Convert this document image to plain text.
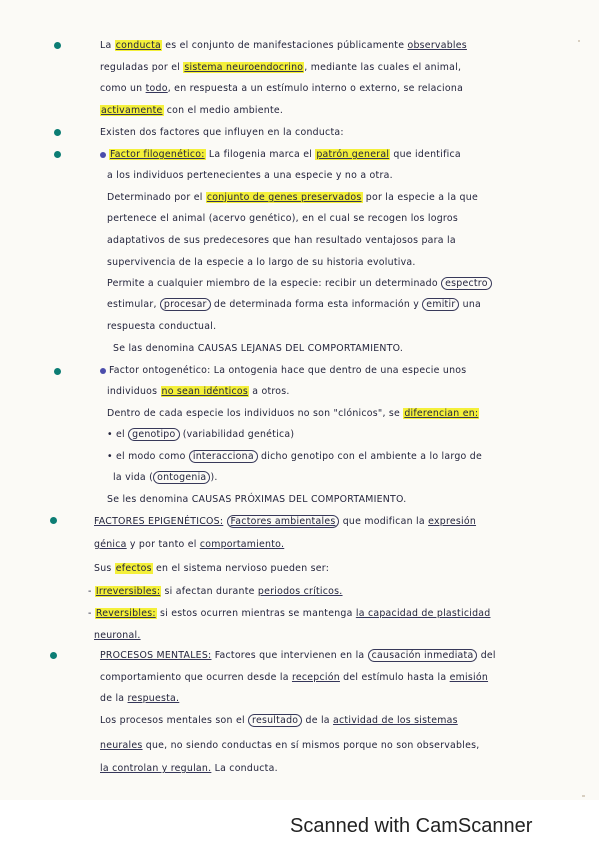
La conducta es el conjunto de manifestaciones públicamente observables
reguladas por el sistema neuroendocrino, mediante las cuales el animal,
como un todo, en respuesta a un estímulo interno o externo, se relaciona
activamente con el medio ambiente.
Existen dos factores que influyen en la conducta:
Factor filogenético: La filogenia marca el patrón general que identifica
a los individuos pertenecientes a una especie y no a otra.
Determinado por el conjunto de genes preservados por la especie a la que
pertenece el animal (acervo genético), en el cual se recogen los logros
adaptativos de sus predecesores que han resultado ventajosos para la
supervivencia de la especie a lo largo de su historia evolutiva.
Permite a cualquier miembro de la especie: recibir un determinado espectro
estimular, procesar de determinada forma esta información y emitir una
respuesta conductual.
Se las denomina CAUSAS LEJANAS DEL COMPORTAMIENTO.
Factor ontogenético: La ontogenia hace que dentro de una especie unos
individuos no sean idénticos a otros.
Dentro de cada especie los individuos no son "clónicos", se diferencian en:
• el genotipo (variabilidad genética)
• el modo como interacciona dicho genotipo con el ambiente a lo largo de
la vida ( ontogenia ).
Se les denomina CAUSAS PRÓXIMAS DEL COMPORTAMIENTO.
FACTORES EPIGENÉTICOS: Factores ambientales que modifican la expresión
génica y por tanto el comportamiento.
Sus efectos en el sistema nervioso pueden ser:
- Irreversibles: si afectan durante periodos críticos.
- Reversibles: si estos ocurren mientras se mantenga la capacidad de plasticidad
neuronal.
PROCESOS MENTALES: Factores que intervienen en la causación inmediata del
comportamiento que ocurren desde la recepción del estímulo hasta la emisión
de la respuesta.
Los procesos mentales son el resultado de la actividad de los sistemas
neurales que, no siendo conductas en sí mismos porque no son observables,
la controlan y regulan. La conducta.
Scanned with CamScanner
